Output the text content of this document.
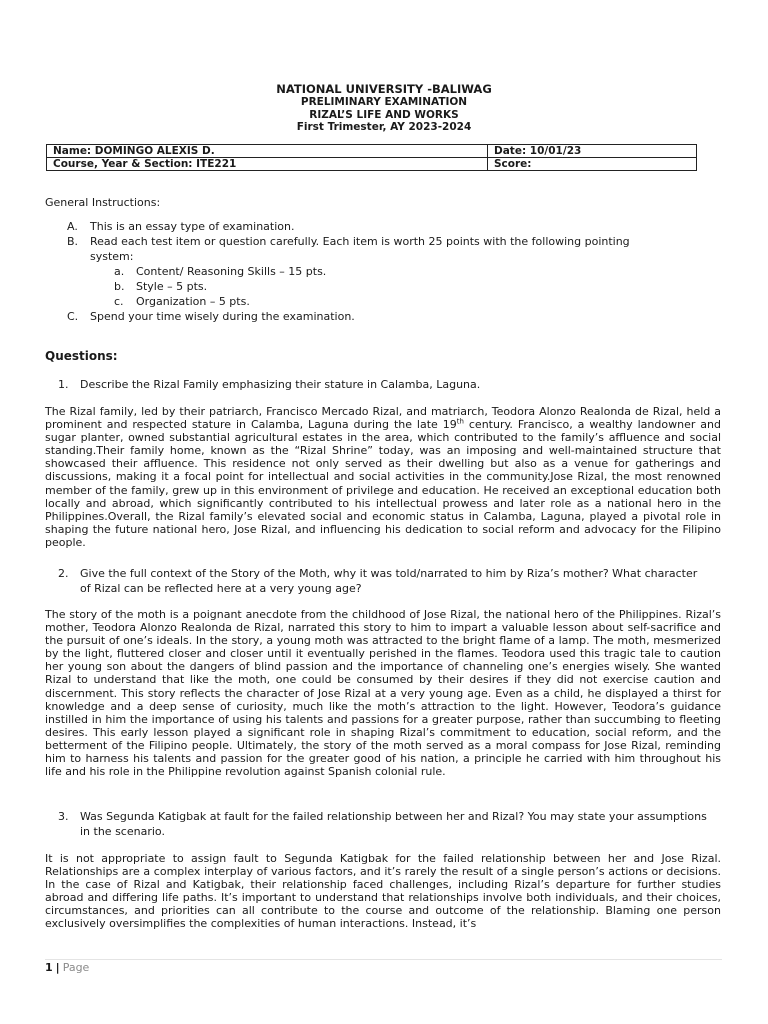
NATIONAL UNIVERSITY -BALIWAG
PRELIMINARY EXAMINATION
RIZAL’S LIFE AND WORKS
First Trimester, AY 2023-2024
Name: DOMINGO ALEXIS D.	Date: 10/01/23
Course, Year & Section: ITE221	Score:
General Instructions:
A. This is an essay type of examination.
B. Read each test item or question carefully. Each item is worth 25 points with the following pointing
system:
a. Content/ Reasoning Skills – 15 pts.
b. Style – 5 pts.
c. Organization – 5 pts.
C. Spend your time wisely during the examination.
Questions:
1. Describe the Rizal Family emphasizing their stature in Calamba, Laguna.
The Rizal family, led by their patriarch, Francisco Mercado Rizal, and matriarch, Teodora Alonzo Realonda de Rizal, held a prominent and respected stature in Calamba, Laguna during the late 19th century. Francisco, a wealthy landowner and sugar planter, owned substantial agricultural estates in the area, which contributed to the family’s affluence and social standing.Their family home, known as the “Rizal Shrine” today, was an imposing and well-maintained structure that showcased their affluence. This residence not only served as their dwelling but also as a venue for gatherings and discussions, making it a focal point for intellectual and social activities in the community.Jose Rizal, the most renowned member of the family, grew up in this environment of privilege and education. He received an exceptional education both locally and abroad, which significantly contributed to his intellectual prowess and later role as a national hero in the Philippines.Overall, the Rizal family’s elevated social and economic status in Calamba, Laguna, played a pivotal role in shaping the future national hero, Jose Rizal, and influencing his dedication to social reform and advocacy for the Filipino people.
2. Give the full context of the Story of the Moth, why it was told/narrated to him by Riza’s mother? What character of Rizal can be reflected here at a very young age?
The story of the moth is a poignant anecdote from the childhood of Jose Rizal, the national hero of the Philippines. Rizal’s mother, Teodora Alonzo Realonda de Rizal, narrated this story to him to impart a valuable lesson about self-sacrifice and the pursuit of one’s ideals. In the story, a young moth was attracted to the bright flame of a lamp. The moth, mesmerized by the light, fluttered closer and closer until it eventually perished in the flames. Teodora used this tragic tale to caution her young son about the dangers of blind passion and the importance of channeling one’s energies wisely. She wanted Rizal to understand that like the moth, one could be consumed by their desires if they did not exercise caution and discernment. This story reflects the character of Jose Rizal at a very young age. Even as a child, he displayed a thirst for knowledge and a deep sense of curiosity, much like the moth’s attraction to the light. However, Teodora’s guidance instilled in him the importance of using his talents and passions for a greater purpose, rather than succumbing to fleeting desires. This early lesson played a significant role in shaping Rizal’s commitment to education, social reform, and the betterment of the Filipino people. Ultimately, the story of the moth served as a moral compass for Jose Rizal, reminding him to harness his talents and passion for the greater good of his nation, a principle he carried with him throughout his life and his role in the Philippine revolution against Spanish colonial rule.
3. Was Segunda Katigbak at fault for the failed relationship between her and Rizal? You may state your assumptions in the scenario.
It is not appropriate to assign fault to Segunda Katigbak for the failed relationship between her and Jose Rizal. Relationships are a complex interplay of various factors, and it’s rarely the result of a single person’s actions or decisions. In the case of Rizal and Katigbak, their relationship faced challenges, including Rizal’s departure for further studies abroad and differing life paths. It’s important to understand that relationships involve both individuals, and their choices, circumstances, and priorities can all contribute to the course and outcome of the relationship. Blaming one person exclusively oversimplifies the complexities of human interactions. Instead, it’s
1 | Page
